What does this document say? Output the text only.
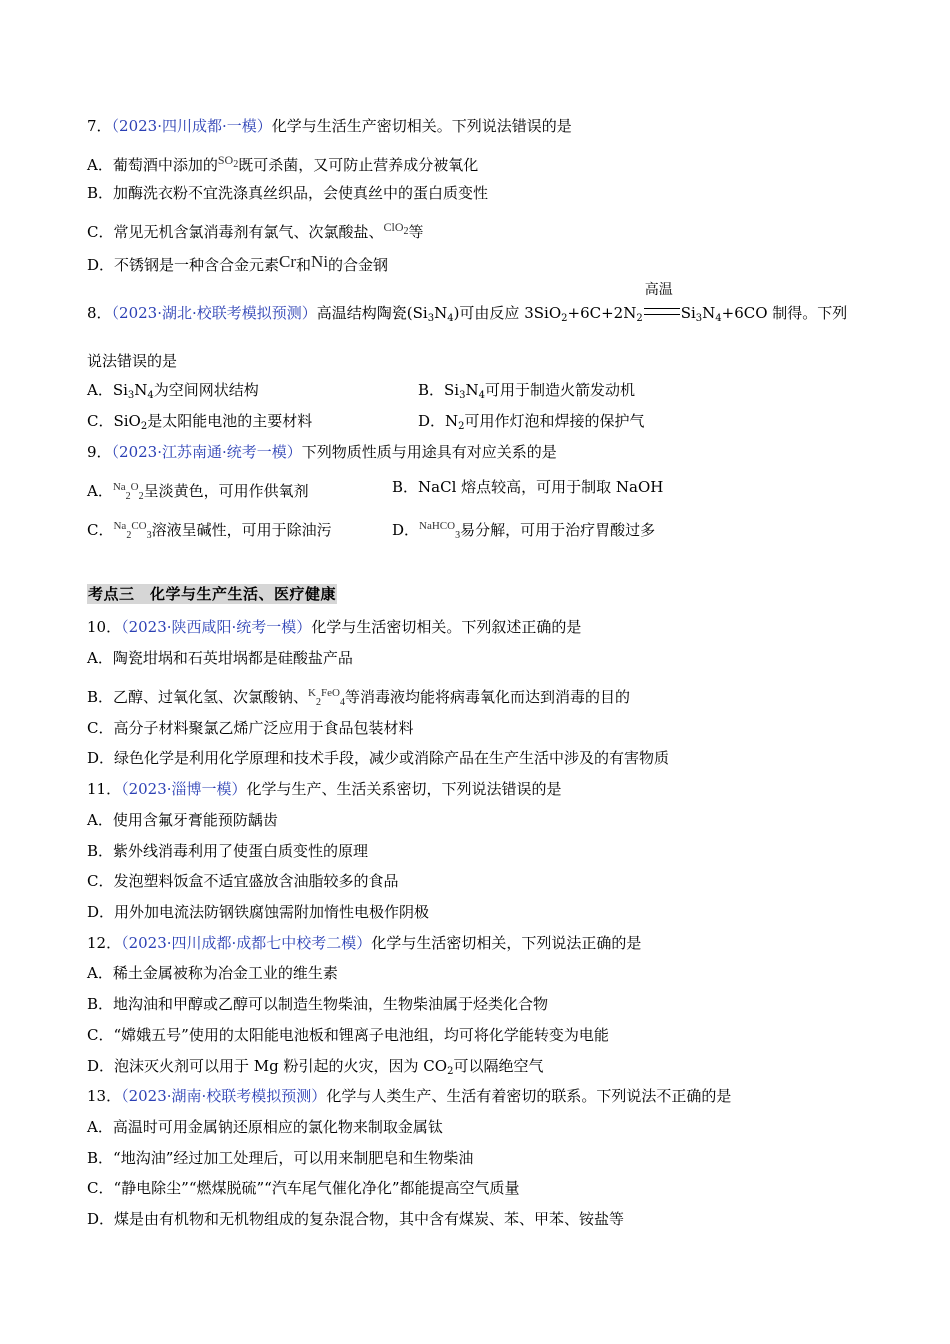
7．（2023·四川成都·一模）化学与生活生产密切相关。下列说法错误的是
A．葡萄酒中添加的$^{SO}_2$既可杀菌，又可防止营养成分被氧化
B．加酶洗衣粉不宜洗涤真丝织品，会使真丝中的蛋白质变性
C．常见无机含氯消毒剂有氯气、次氯酸盐、$^{ClO}_2$等
D．不锈钢是一种含合金元素Cr和Ni的合金钢
8．（2023·湖北·校联考模拟预测）高温结构陶瓷$(Si_3N_4)$可由反应 $3SiO_2+6C+2N_2$
高温
$Si_3N_4+6CO$ 制得。下列
说法错误的是
A．$Si_3N_4$为空间网状结构	B．$Si_3N_4$可用于制造火箭发动机
C．SiO$_2$是太阳能电池的主要材料	D．$N_2$可用作灯泡和焊接的保护气
9．（2023·江苏南通·统考一模）下列物质性质与用途具有对应关系的是
A．$^{Na}_2^O_2$呈淡黄色，可用作供氧剂	B．NaCl 熔点较高，可用于制取 NaOH
C．$^{Na}_2^{CO}_3$溶液呈碱性，可用于除油污	D．$^{NaHCO}_3$易分解，可用于治疗胃酸过多
考点三　化学与生产生活、医疗健康
10．（2023·陕西咸阳·统考一模）化学与生活密切相关。下列叙述正确的是
A．陶瓷坩埚和石英坩埚都是硅酸盐产品
B．乙醇、过氧化氢、次氯酸钠、$^K_2^{FeO}_4$等消毒液均能将病毒氧化而达到消毒的目的
C．高分子材料聚氯乙烯广泛应用于食品包装材料
D．绿色化学是利用化学原理和技术手段，减少或消除产品在生产生活中涉及的有害物质
11．（2023·淄博一模）化学与生产、生活关系密切，下列说法错误的是
A．使用含氟牙膏能预防龋齿
B．紫外线消毒利用了使蛋白质变性的原理
C．发泡塑料饭盒不适宜盛放含油脂较多的食品
D．用外加电流法防钢铁腐蚀需附加惰性电极作阴极
12．（2023·四川成都·成都七中校考二模）化学与生活密切相关，下列说法正确的是
A．稀土金属被称为冶金工业的维生素
B．地沟油和甲醇或乙醇可以制造生物柴油，生物柴油属于烃类化合物
C．“嫦娥五号”使用的太阳能电池板和锂离子电池组，均可将化学能转变为电能
D．泡沫灭火剂可以用于 Mg 粉引起的火灾，因为 $CO_2$可以隔绝空气
13．（2023·湖南·校联考模拟预测）化学与人类生产、生活有着密切的联系。下列说法不正确的是
A．高温时可用金属钠还原相应的氯化物来制取金属钛
B．“地沟油”经过加工处理后，可以用来制肥皂和生物柴油
C．“静电除尘”“燃煤脱硫”“汽车尾气催化净化”都能提高空气质量
D．煤是由有机物和无机物组成的复杂混合物，其中含有煤炭、苯、甲苯、铵盐等
